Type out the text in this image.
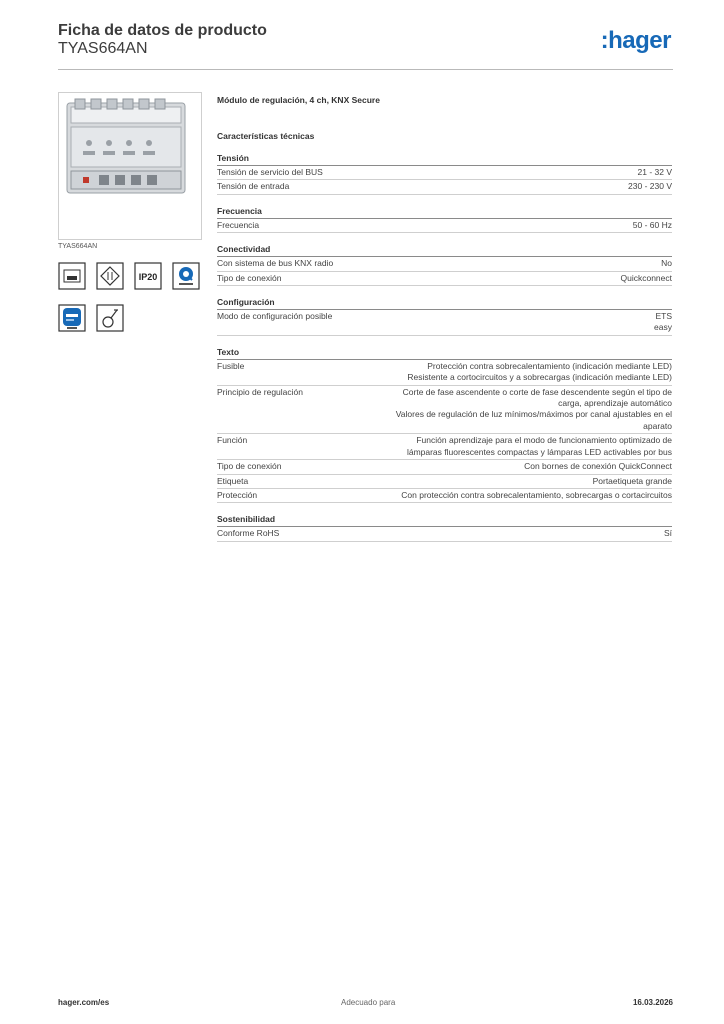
Ficha de datos de producto
TYAS664AN	:hager
TYAS664AN
IP20
Módulo de regulación, 4 ch, KNX Secure
Características técnicas
Tensión
Tensión de servicio del BUS	21 - 32 V
Tensión de entrada	230 - 230 V
Frecuencia
Frecuencia	50 - 60 Hz
Conectividad
Con sistema de bus KNX radio	No
Tipo de conexión	Quickconnect
Configuración
Modo de configuración posible	ETS
easy
Texto
Fusible	Protección contra sobrecalentamiento (indicación mediante LED)
Resistente a cortocircuitos y a sobrecargas (indicación mediante LED)
Principio de regulación	Corte de fase ascendente o corte de fase descendente según el tipo de
carga, aprendizaje automático
Valores de regulación de luz mínimos/máximos por canal ajustables en el
aparato
Función	Función aprendizaje para el modo de funcionamiento optimizado de
lámparas fluorescentes compactas y lámparas LED activables por bus
Tipo de conexión	Con bornes de conexión QuickConnect
Etiqueta	Portaetiqueta grande
Protección	Con protección contra sobrecalentamiento, sobrecargas o cortacircuitos
Sostenibilidad
Conforme RoHS	Sí
hager.com/es	Adecuado para	16.03.2026
